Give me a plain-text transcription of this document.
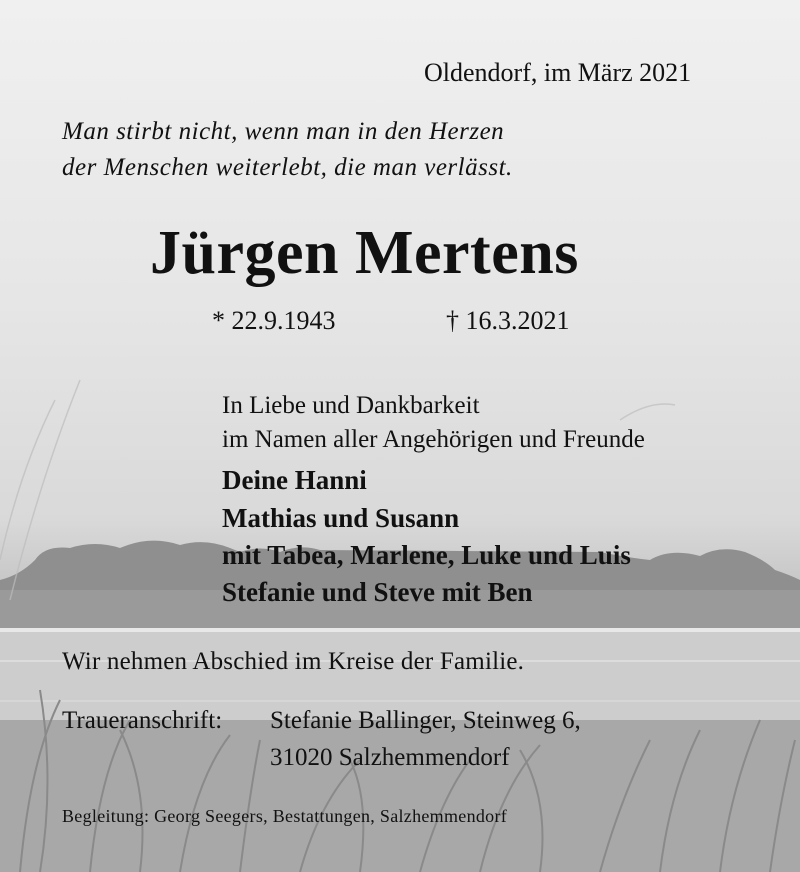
Oldendorf, im März 2021

Man stirbt nicht, wenn man in den Herzen

der Menschen weiterlebt, die man verlässt.

Jürgen Mertens

* 22.9.1943	† 16.3.2021

In Liebe und Dankbarkeit

im Namen aller Angehörigen und Freunde

Deine Hanni

Mathias und Susann

mit Tabea, Marlene, Luke und Luis

Stefanie und Steve mit Ben

Wir nehmen Abschied im Kreise der Familie.

Traueranschrift: Stefanie Ballinger, Steinweg 6,

31020 Salzhemmendorf

Begleitung: Georg Seegers, Bestattungen, Salzhemmendorf
